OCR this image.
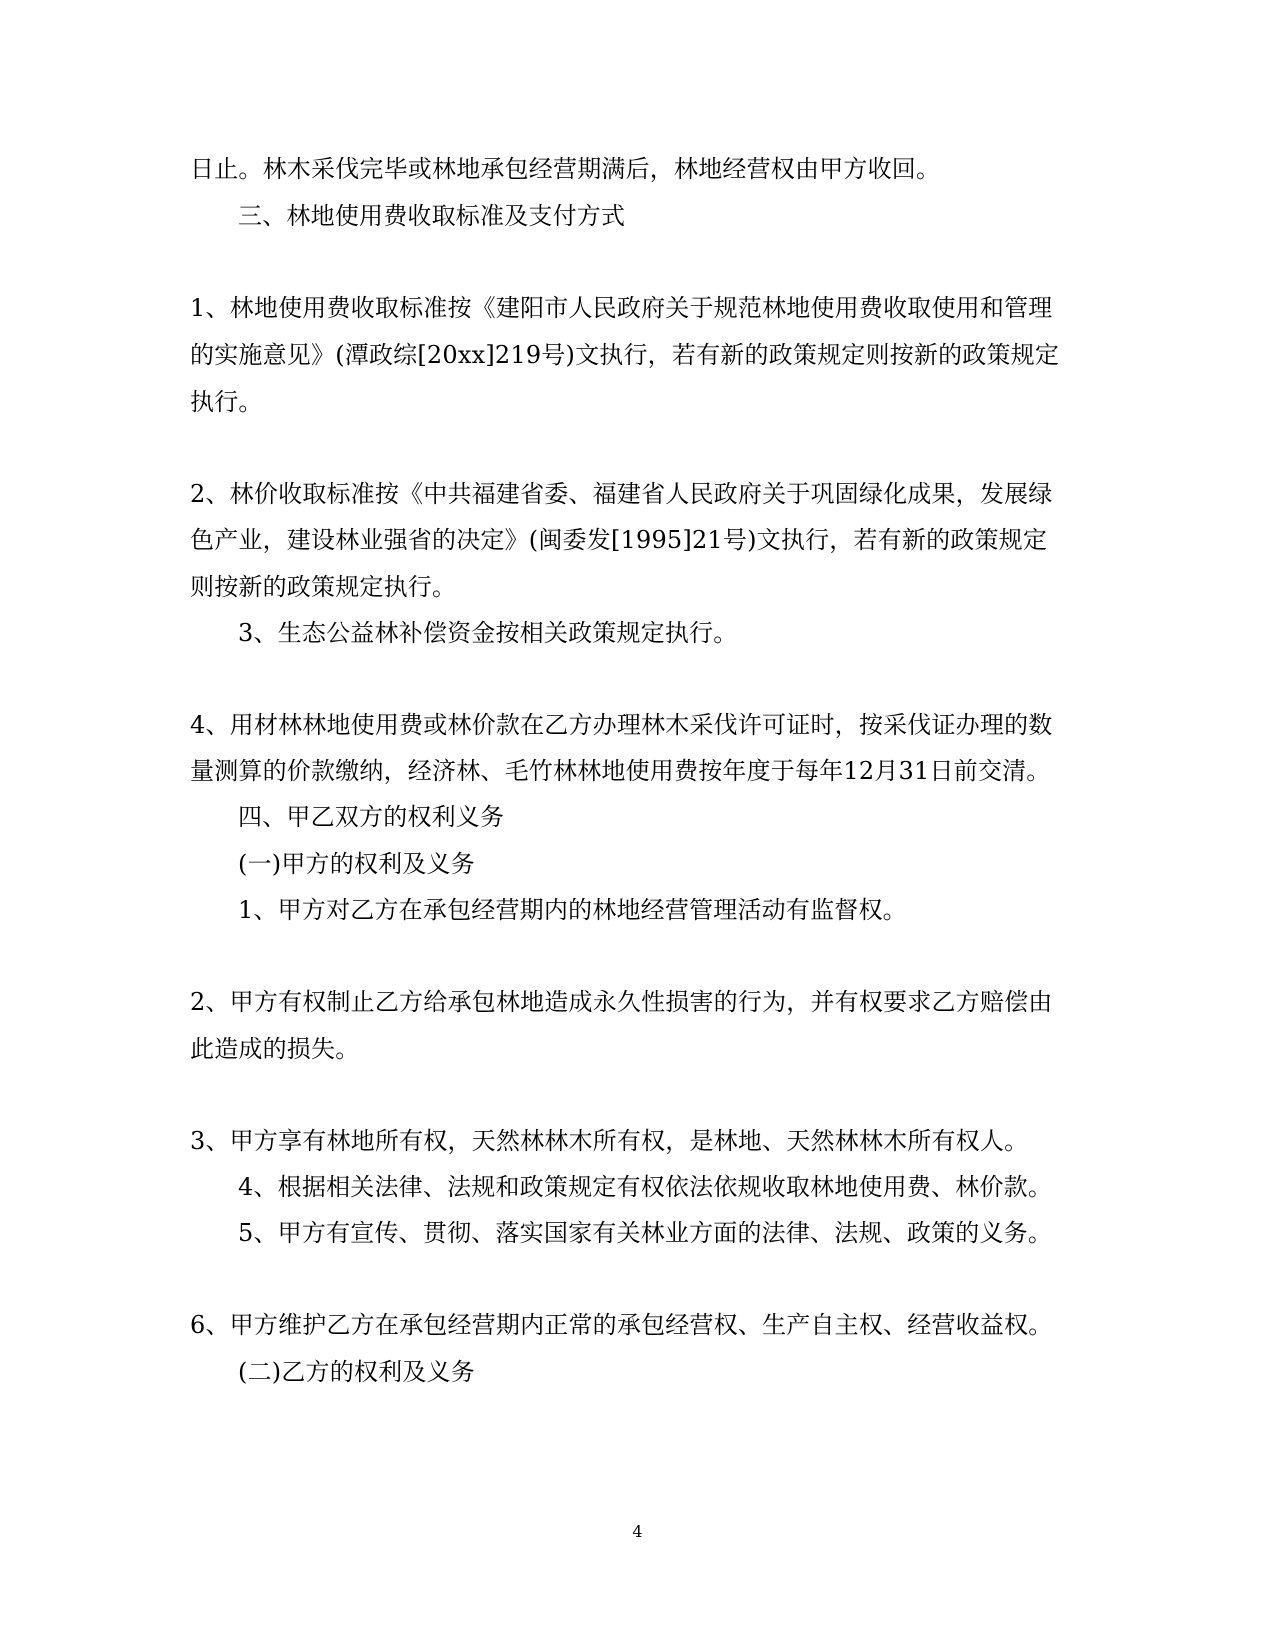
日止。林木采伐完毕或林地承包经营期满后，林地经营权由甲方收回。
三、林地使用费收取标准及支付方式
1、林地使用费收取标准按《建阳市人民政府关于规范林地使用费收取使用和管理
的实施意见》(潭政综[20xx]219号)文执行，若有新的政策规定则按新的政策规定
执行。
2、林价收取标准按《中共福建省委、福建省人民政府关于巩固绿化成果，发展绿
色产业，建设林业强省的决定》(闽委发[1995]21号)文执行，若有新的政策规定
则按新的政策规定执行。
3、生态公益林补偿资金按相关政策规定执行。
4、用材林林地使用费或林价款在乙方办理林木采伐许可证时，按采伐证办理的数
量测算的价款缴纳，经济林、毛竹林林地使用费按年度于每年12月31日前交清。
四、甲乙双方的权利义务
(一)甲方的权利及义务
1、甲方对乙方在承包经营期内的林地经营管理活动有监督权。
2、甲方有权制止乙方给承包林地造成永久性损害的行为，并有权要求乙方赔偿由
此造成的损失。
3、甲方享有林地所有权，天然林林木所有权，是林地、天然林林木所有权人。
4、根据相关法律、法规和政策规定有权依法依规收取林地使用费、林价款。
5、甲方有宣传、贯彻、落实国家有关林业方面的法律、法规、政策的义务。
6、甲方维护乙方在承包经营期内正常的承包经营权、生产自主权、经营收益权。
(二)乙方的权利及义务
4
